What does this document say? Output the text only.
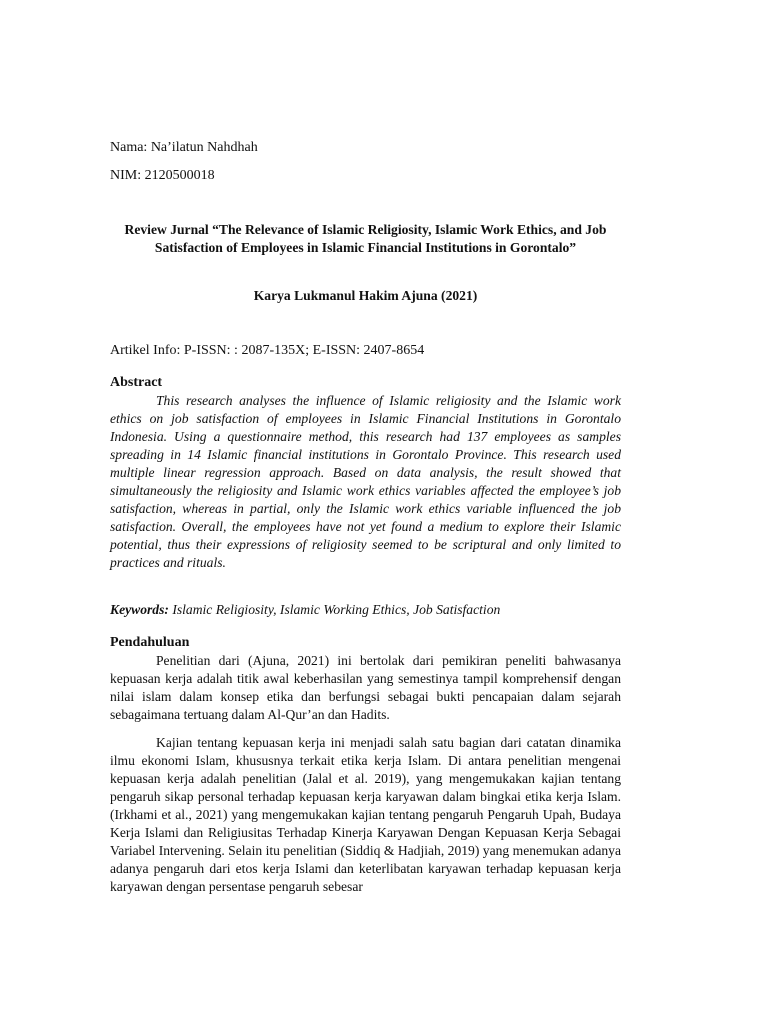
Nama: Na’ilatun Nahdhah

NIM: 2120500018

Review Jurnal “The Relevance of Islamic Religiosity, Islamic Work Ethics, and Job Satisfaction of Employees in Islamic Financial Institutions in Gorontalo”
Karya Lukmanul Hakim Ajuna (2021)

Artikel Info: P-ISSN: : 2087-135X; E-ISSN: 2407-8654

Abstract

This research analyses the influence of Islamic religiosity and the Islamic work ethics on job satisfaction of employees in Islamic Financial Institutions in Gorontalo Indonesia. Using a questionnaire method, this research had 137 employees as samples spreading in 14 Islamic financial institutions in Gorontalo Province. This research used multiple linear regression approach. Based on data analysis, the result showed that simultaneously the religiosity and Islamic work ethics variables affected the employee’s job satisfaction, whereas in partial, only the Islamic work ethics variable influenced the job satisfaction. Overall, the employees have not yet found a medium to explore their Islamic potential, thus their expressions of religiosity seemed to be scriptural and only limited to practices and rituals.

Keywords: Islamic Religiosity, Islamic Working Ethics, Job Satisfaction
Pendahuluan

Penelitian dari (Ajuna, 2021) ini bertolak dari pemikiran peneliti bahwasanya kepuasan kerja adalah titik awal keberhasilan yang semestinya tampil komprehensif dengan nilai islam dalam konsep etika dan berfungsi sebagai bukti pencapaian dalam sejarah sebagaimana tertuang dalam Al-Qur’an dan Hadits.

Kajian tentang kepuasan kerja ini menjadi salah satu bagian dari catatan dinamika ilmu ekonomi Islam, khususnya terkait etika kerja Islam. Di antara penelitian mengenai kepuasan kerja adalah penelitian (Jalal et al. 2019), yang mengemukakan kajian tentang pengaruh sikap personal terhadap kepuasan kerja karyawan dalam bingkai etika kerja Islam. (Irkhami et al., 2021) yang mengemukakan kajian tentang pengaruh Pengaruh Upah, Budaya Kerja Islami dan Religiusitas Terhadap Kinerja Karyawan Dengan Kepuasan Kerja Sebagai Variabel Intervening. Selain itu penelitian (Siddiq & Hadjiah, 2019) yang menemukan adanya adanya pengaruh dari etos kerja Islami dan keterlibatan karyawan terhadap kepuasan kerja karyawan dengan persentase pengaruh sebesar
